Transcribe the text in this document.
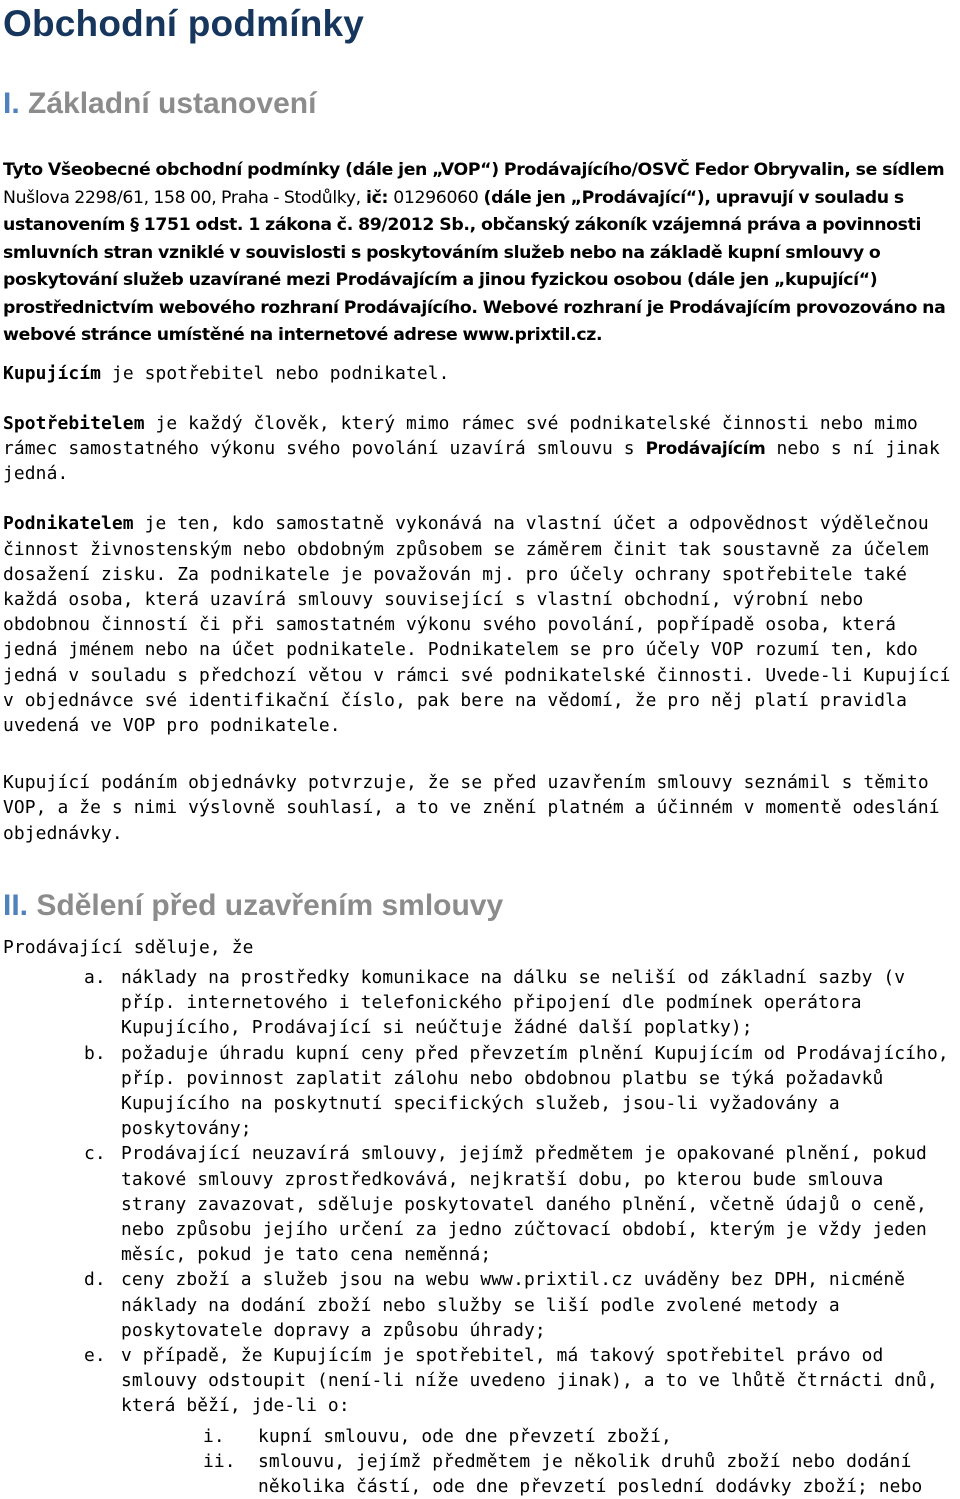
Obchodní podmínky
I. Základní ustanovení
Tyto Všeobecné obchodní podmínky (dále jen „VOP“) Prodávajícího/OSVČ Fedor Obryvalin, se sídlem Nušlova 2298/61, 158 00, Praha - Stodůlky, ič: 01296060 (dále jen „Prodávající“), upravují v souladu s ustanovením § 1751 odst. 1 zákona č. 89/2012 Sb., občanský zákoník vzájemná práva a povinnosti smluvních stran vzniklé v souvislosti s poskytováním služeb nebo na základě kupní smlouvy o poskytování služeb uzavírané mezi Prodávajícím a jinou fyzickou osobou (dále jen „kupující“) prostřednictvím webového rozhraní Prodávajícího. Webové rozhraní je Prodávajícím provozováno na webové stránce umístěné na internetové adrese www.prixtil.cz.
Kupujícím je spotřebitel nebo podnikatel.
Spotřebitelem je každý člověk, který mimo rámec své podnikatelské činnosti nebo mimo rámec samostatného výkonu svého povolání uzavírá smlouvu s Prodávajícím nebo s ní jinak jedná.
Podnikatelem je ten, kdo samostatně vykonává na vlastní účet a odpovědnost výdělečnou činnost živnostenským nebo obdobným způsobem se záměrem činit tak soustavně za účelem dosažení zisku. Za podnikatele je považován mj. pro účely ochrany spotřebitele také každá osoba, která uzavírá smlouvy související s vlastní obchodní, výrobní nebo obdobnou činností či při samostatném výkonu svého povolání, popřípadě osoba, která jedná jménem nebo na účet podnikatele. Podnikatelem se pro účely VOP rozumí ten, kdo jedná v souladu s předchozí větou v rámci své podnikatelské činnosti. Uvede-li Kupující v objednávce své identifikační číslo, pak bere na vědomí, že pro něj platí pravidla uvedená ve VOP pro podnikatele.
Kupující podáním objednávky potvrzuje, že se před uzavřením smlouvy seznámil s těmito VOP, a že s nimi výslovně souhlasí, a to ve znění platném a účinném v momentě odeslání objednávky.
II. Sdělení před uzavřením smlouvy
Prodávající sděluje, že
a. náklady na prostředky komunikace na dálku se neliší od základní sazby (v příp. internetového i telefonického připojení dle podmínek operátora Kupujícího, Prodávající si neúčtuje žádné další poplatky);
b. požaduje úhradu kupní ceny před převzetím plnění Kupujícím od Prodávajícího, příp. povinnost zaplatit zálohu nebo obdobnou platbu se týká požadavků Kupujícího na poskytnutí specifických služeb, jsou-li vyžadovány a poskytovány;
c. Prodávající neuzavírá smlouvy, jejímž předmětem je opakované plnění, pokud takové smlouvy zprostředkovává, nejkratší dobu, po kterou bude smlouva strany zavazovat, sděluje poskytovatel daného plnění, včetně údajů o ceně, nebo způsobu jejího určení za jedno zúčtovací období, kterým je vždy jeden měsíc, pokud je tato cena neměnná;
d. ceny zboží a služeb jsou na webu www.prixtil.cz uváděny bez DPH, nicméně náklady na dodání zboží nebo služby se liší podle zvolené metody a poskytovatele dopravy a způsobu úhrady;
e. v případě, že Kupujícím je spotřebitel, má takový spotřebitel právo od smlouvy odstoupit (není-li níže uvedeno jinak), a to ve lhůtě čtrnácti dnů, která běží, jde-li o:
i. kupní smlouvu, ode dne převzetí zboží,
ii. smlouvu, jejímž předmětem je několik druhů zboží nebo dodání několika částí, ode dne převzetí poslední dodávky zboží; nebo
